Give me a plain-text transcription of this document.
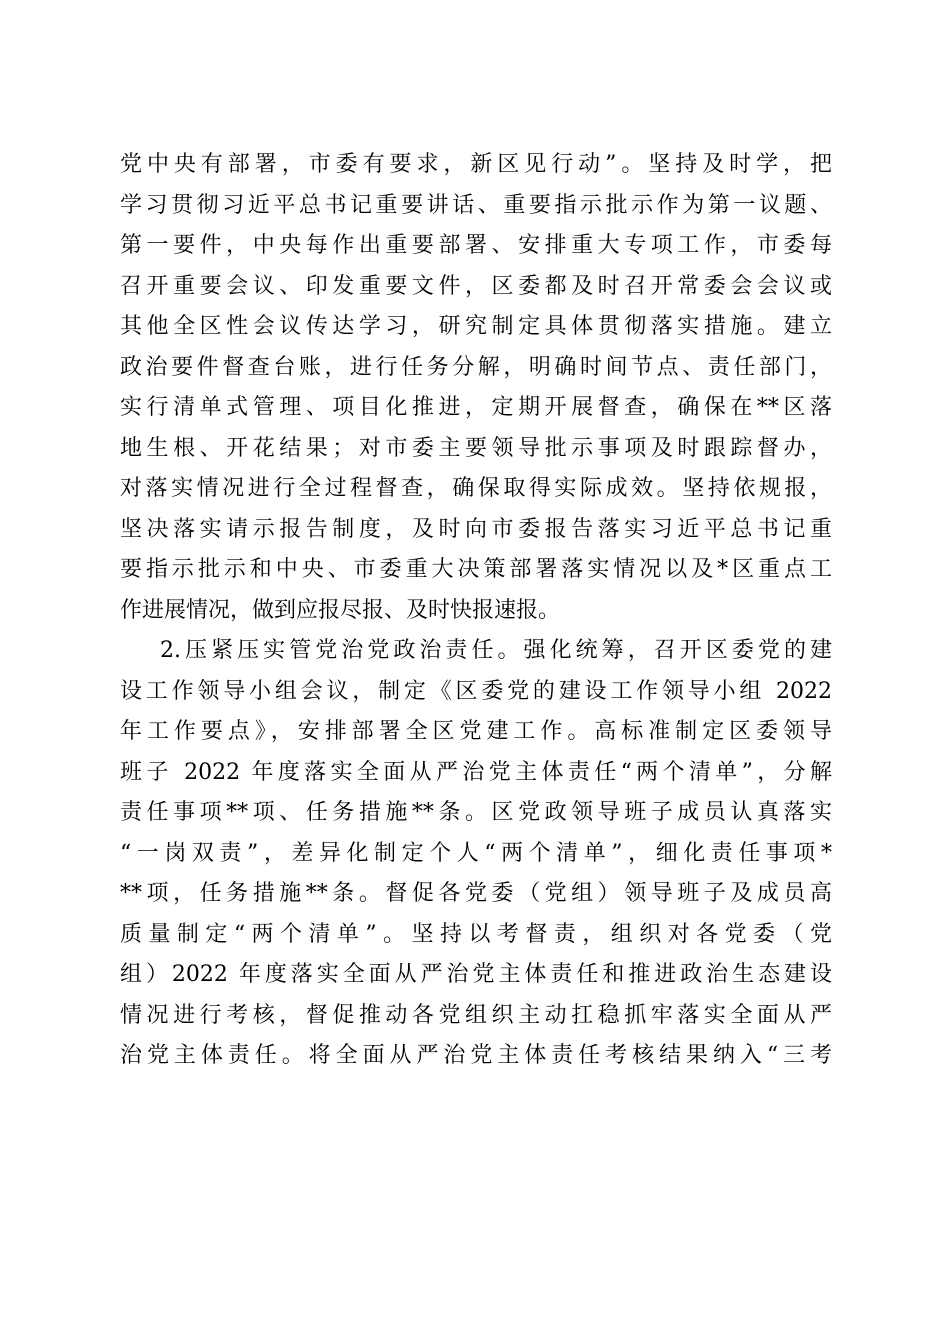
党中央有部署，市委有要求，新区见行动”。坚持及时学，把
学习贯彻习近平总书记重要讲话、重要指示批示作为第一议题、
第一要件，中央每作出重要部署、安排重大专项工作，市委每
召开重要会议、印发重要文件，区委都及时召开常委会会议或
其他全区性会议传达学习，研究制定具体贯彻落实措施。建立
政治要件督查台账，进行任务分解，明确时间节点、责任部门，
实行清单式管理、项目化推进，定期开展督查，确保在**区落
地生根、开花结果；对市委主要领导批示事项及时跟踪督办，
对落实情况进行全过程督查，确保取得实际成效。坚持依规报，
坚决落实请示报告制度，及时向市委报告落实习近平总书记重
要指示批示和中央、市委重大决策部署落实情况以及*区重点工
作进展情况，做到应报尽报、及时快报速报。
2.压紧压实管党治党政治责任。强化统筹，召开区委党的建
设工作领导小组会议，制定《区委党的建设工作领导小组 2022
年工作要点》，安排部署全区党建工作。高标准制定区委领导
班子 2022 年度落实全面从严治党主体责任“两个清单”，分解
责任事项**项、任务措施**条。区党政领导班子成员认真落实
“一岗双责”，差异化制定个人“两个清单”，细化责任事项*
**项，任务措施**条。督促各党委（党组）领导班子及成员高
质量制定“两个清单”。坚持以考督责，组织对各党委（党
组）2022 年度落实全面从严治党主体责任和推进政治生态建设
情况进行考核，督促推动各党组织主动扛稳抓牢落实全面从严
治党主体责任。将全面从严治党主体责任考核结果纳入“三考
